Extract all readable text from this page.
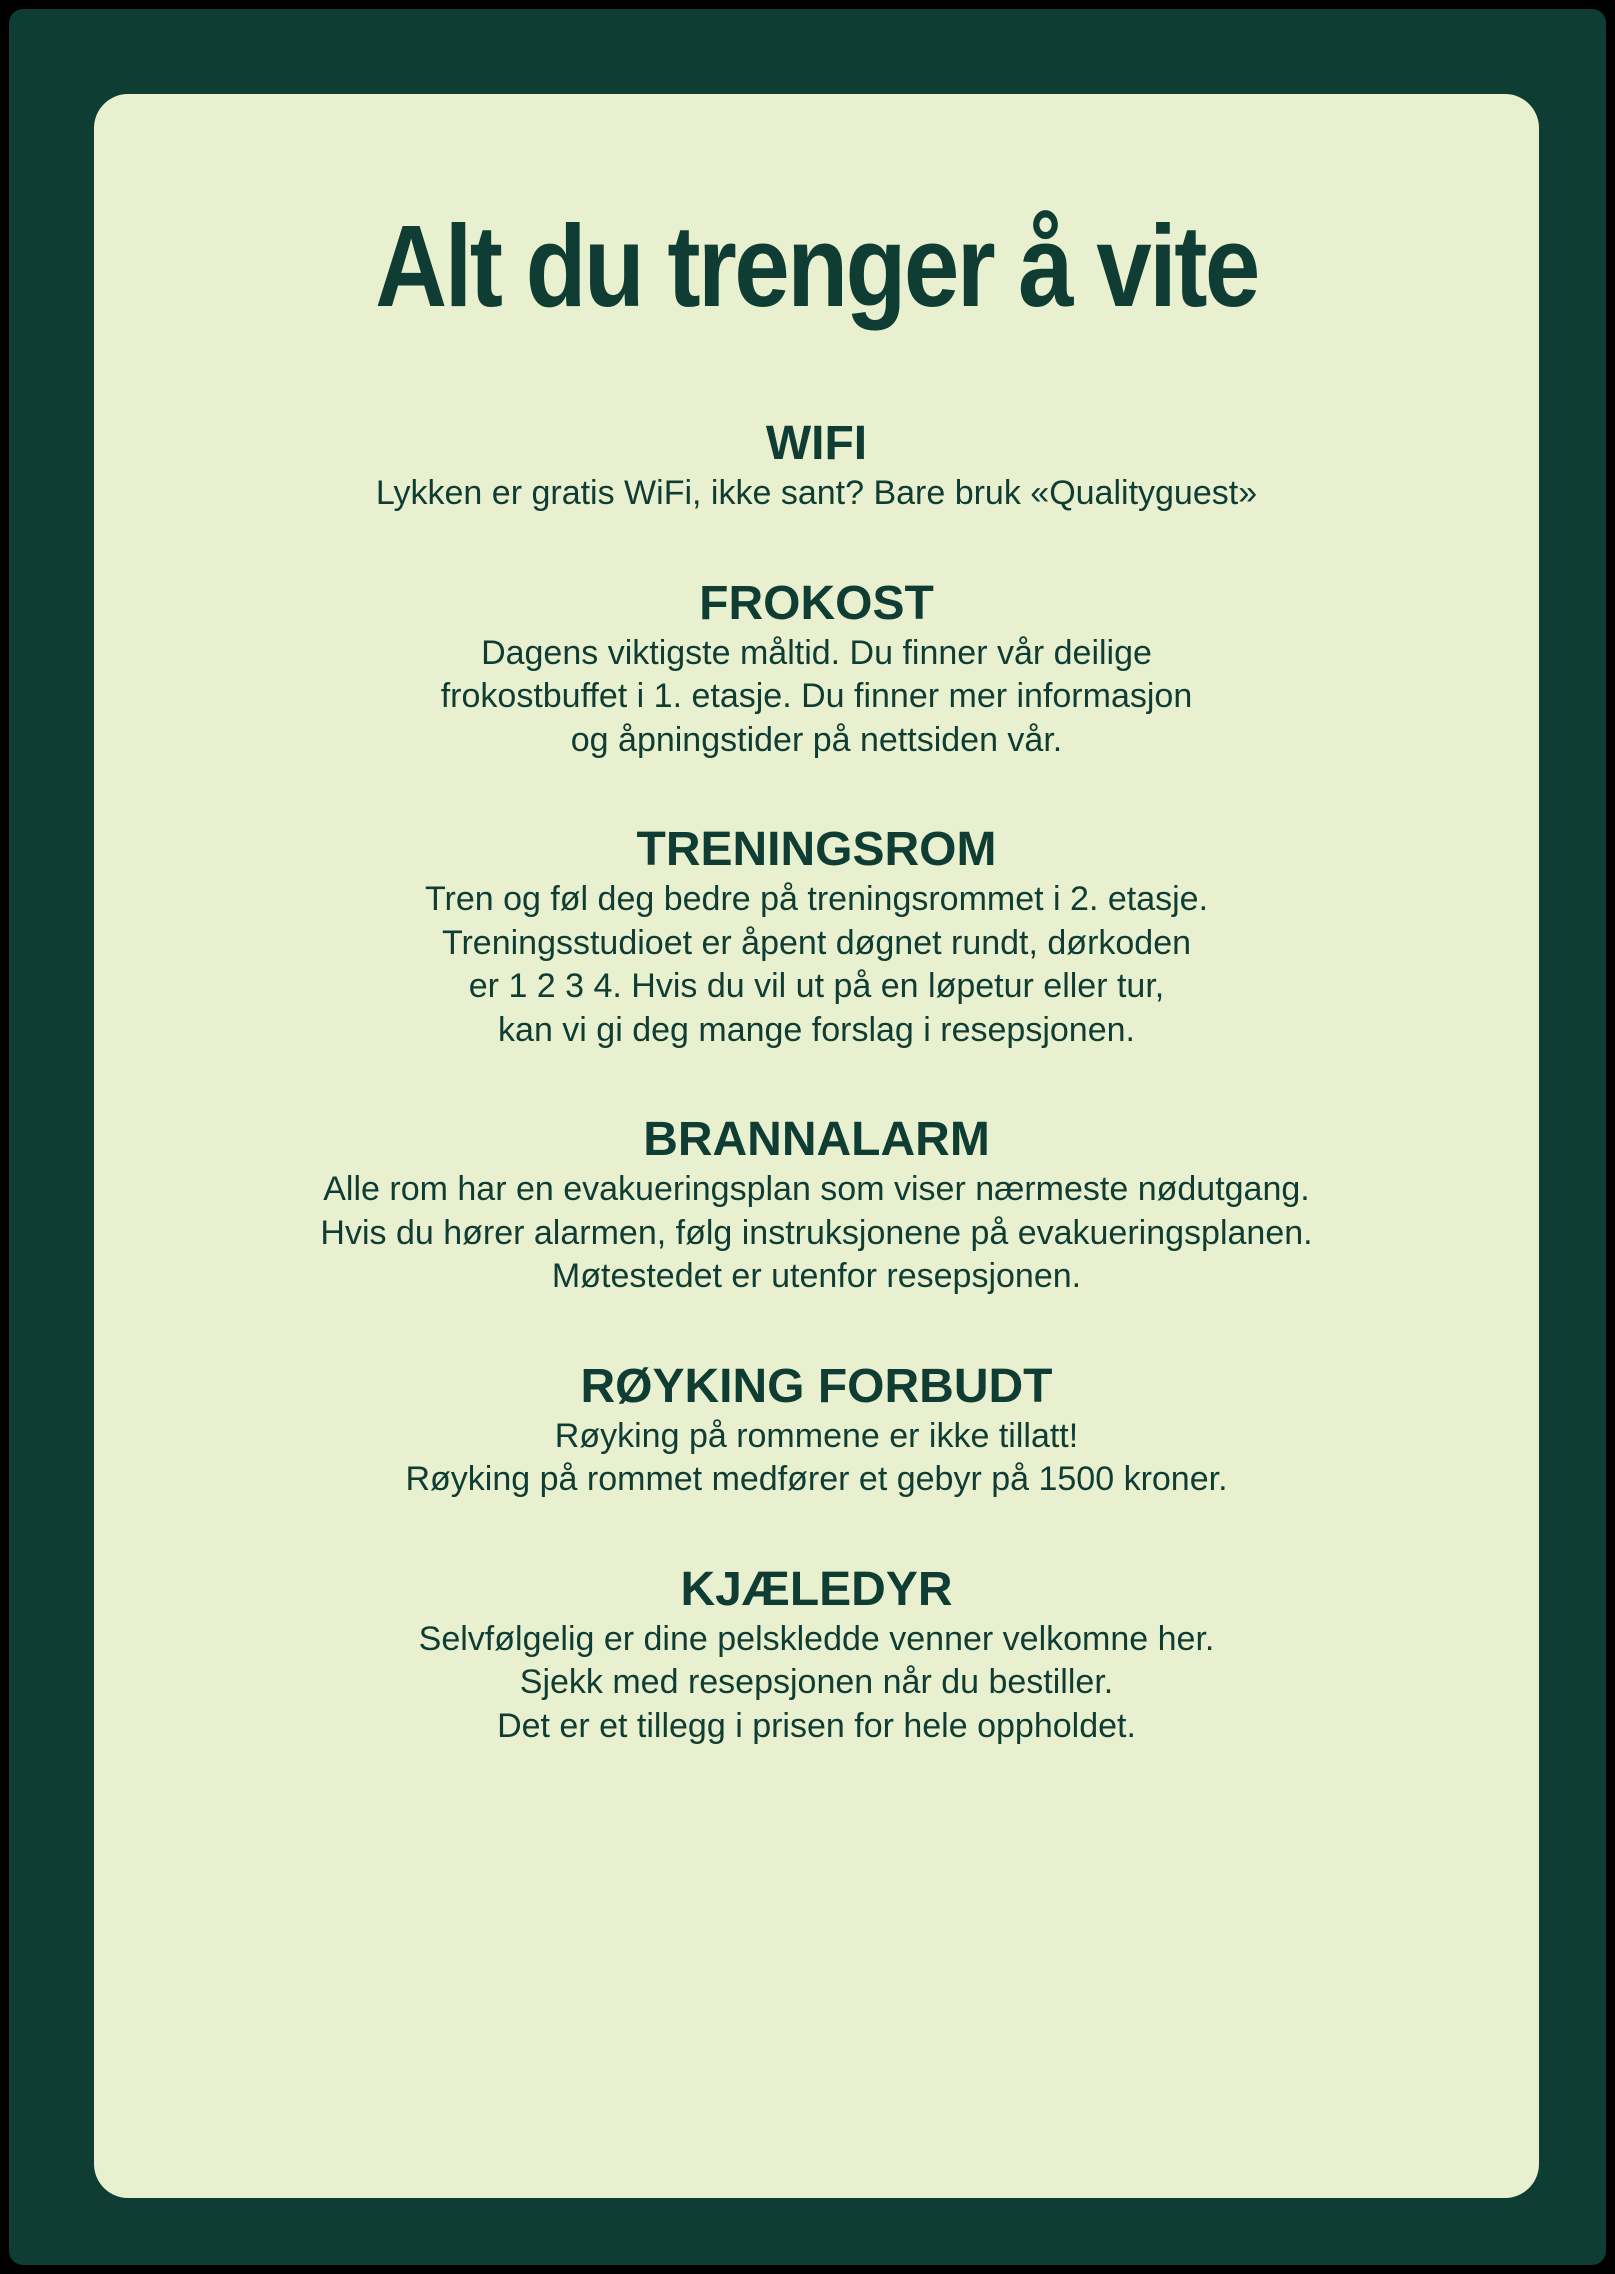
Alt du trenger å vite
WIFI

Lykken er gratis WiFi, ikke sant? Bare bruk «Qualityguest»

FROKOST

Dagens viktigste måltid. Du finner vår deilige
frokostbuffet i 1. etasje. Du finner mer informasjon
og åpningstider på nettsiden vår.

TRENINGSROM

Tren og føl deg bedre på treningsrommet i 2. etasje.
Treningsstudioet er åpent døgnet rundt, dørkoden
er 1 2 3 4. Hvis du vil ut på en løpetur eller tur,
kan vi gi deg mange forslag i resepsjonen.

BRANNALARM

Alle rom har en evakueringsplan som viser nærmeste nødutgang.
Hvis du hører alarmen, følg instruksjonene på evakueringsplanen.
Møtestedet er utenfor resepsjonen.

RØYKING FORBUDT

Røyking på rommene er ikke tillatt!
Røyking på rommet medfører et gebyr på 1500 kroner.

KJÆLEDYR

Selvfølgelig er dine pelskledde venner velkomne her.
Sjekk med resepsjonen når du bestiller.
Det er et tillegg i prisen for hele oppholdet.
